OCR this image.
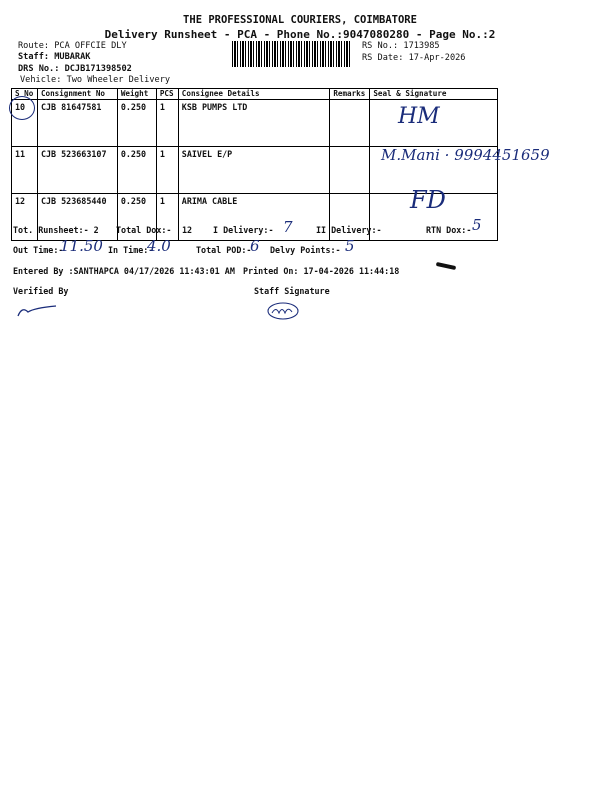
THE PROFESSIONAL COURIERS, COIMBATORE
Delivery Runsheet - PCA - Phone No.:9047080280 - Page No.:2
Route: PCA OFFCIE DLY
Staff: MUBARAK
DRS No.: DCJB171398502
Vehicle: Two Wheeler Delivery
RS No.: 1713985
RS Date: 17-Apr-2026
S No	Consignment No	Weight	PCS	Consignee Details	Remarks	Seal & Signature
10	CJB 81647581	0.250	1	KSB PUMPS LTD		
11	CJB 523663107	0.250	1	SAIVEL E/P		
12	CJB 523685440	0.250	1	ARIMA CABLE		
HM
M.Mani · 9994451659
FD
Tot. Runsheet:- 2 Total Dox:- 12 I Delivery:- 7	II Delivery:-	RTN Dox:- 5
Out Time:-
11.50 In Time:-
4.0	Total POD:-
6 Delvy Points:- 5
Entered By :SANTHAPCA 04/17/2026 11:43:01 AM Printed On: 17-04-2026 11:44:18
Verified By	Staff Signature
